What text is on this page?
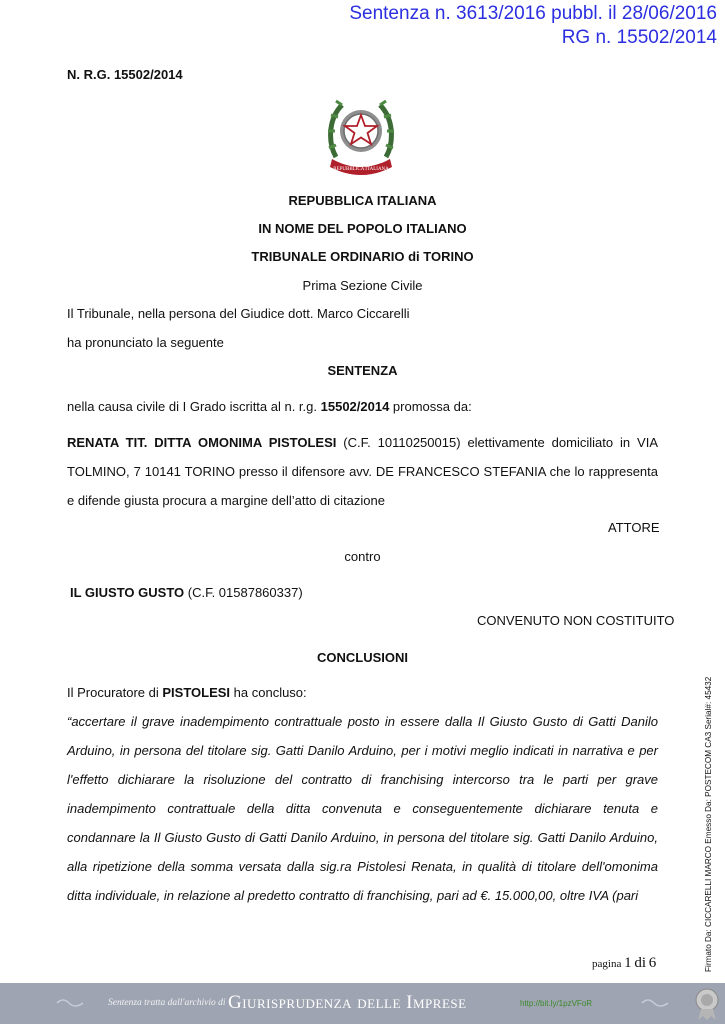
Sentenza n. 3613/2016 pubbl. il 28/06/2016
RG n. 15502/2014
N. R.G. 15502/2014
REPUBBLICA ITALIANA
REPUBBLICA ITALIANA
IN NOME DEL POPOLO ITALIANO
TRIBUNALE ORDINARIO di TORINO
Prima Sezione Civile
Il Tribunale, nella persona del Giudice dott. Marco Ciccarelli
ha pronunciato la seguente
SENTENZA
nella causa civile di I Grado iscritta al n. r.g. 15502/2014 promossa da:
RENATA TIT. DITTA OMONIMA PISTOLESI (C.F. 10110250015) elettivamente domiciliato in VIA TOLMINO, 7 10141 TORINO presso il difensore avv. DE FRANCESCO STEFANIA che lo rappresenta e difende giusta procura a margine dell’atto di citazione
ATTORE
contro
IL GIUSTO GUSTO (C.F. 01587860337)
CONVENUTO NON COSTITUITO
CONCLUSIONI
Il Procuratore di PISTOLESI ha concluso:
“accertare il grave inadempimento contrattuale posto in essere dalla Il Giusto Gusto di Gatti Danilo Arduino, in persona del titolare sig. Gatti Danilo Arduino, per i motivi meglio indicati in narrativa e per l'effetto dichiarare la risoluzione del contratto di franchising intercorso tra le parti per grave inadempimento contrattuale della ditta convenuta e conseguentemente dichiarare tenuta e condannare la Il Giusto Gusto di Gatti Danilo Arduino, in persona del titolare sig. Gatti Danilo Arduino, alla ripetizione della somma versata dalla sig.ra Pistolesi Renata, in qualità di titolare dell'omonima ditta individuale, in relazione al predetto contratto di franchising, pari ad €. 15.000,00, oltre IVA (pari	Firmato Da: CICCARELLI MARCO Emesso Da: POSTECOM CA3 Serial#: 45432
pagina 1 di 6
Sentenza tratta dall'archivio di Giurisprudenza delle Imprese	http://bit.ly/1pzVFoR
